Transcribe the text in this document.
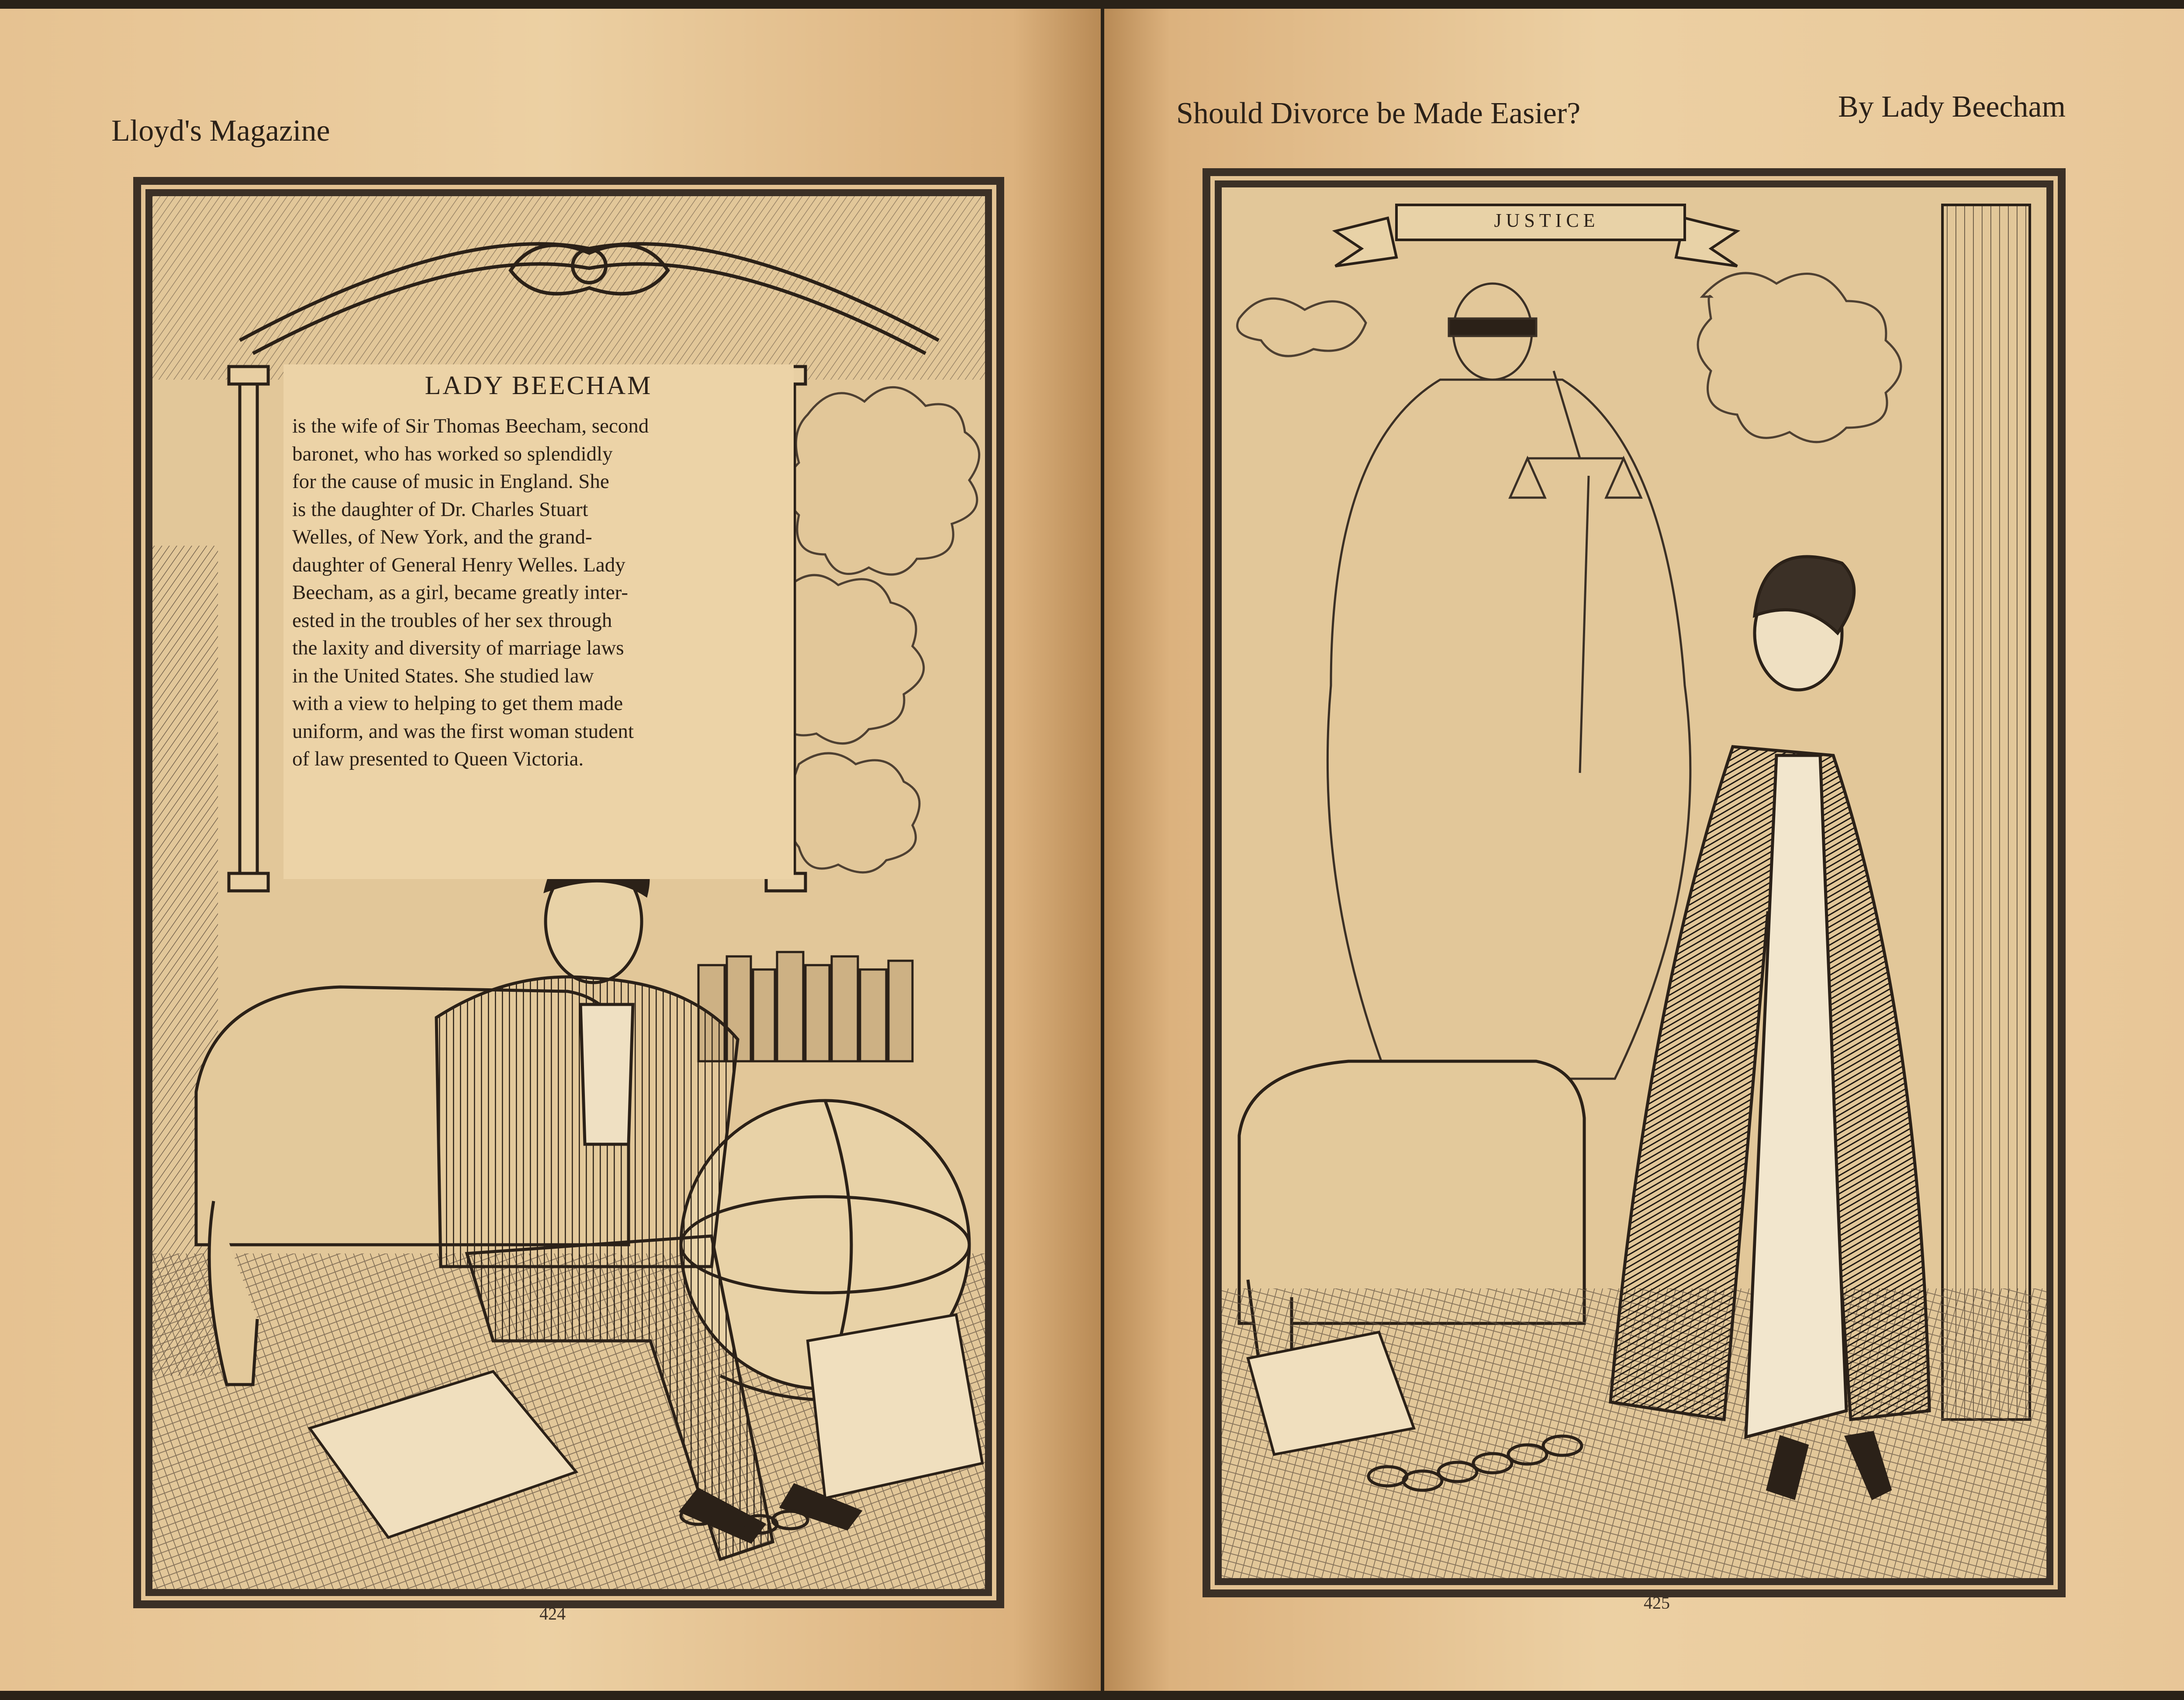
Lloyd's Magazine
LADY BEECHAM
is the wife of Sir Thomas Beecham, second
baronet, who has worked so splendidly
for the cause of music in England. She
is the daughter of Dr. Charles Stuart
Welles, of New York, and the grand-
daughter of General Henry Welles. Lady
Beecham, as a girl, became greatly inter-
ested in the troubles of her sex through
the laxity and diversity of marriage laws
in the United States. She studied law
with a view to helping to get them made
uniform, and was the first woman student
of law presented to Queen Victoria.
424
Should Divorce be Made Easier?	By Lady Beecham
JUSTICE
425
